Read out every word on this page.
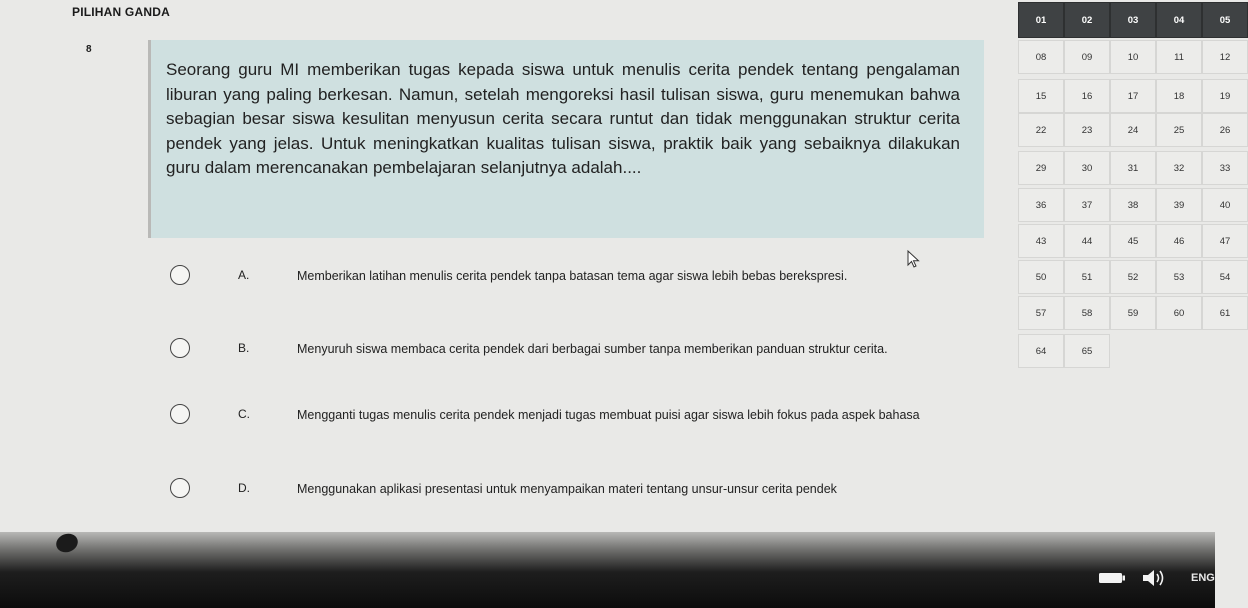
PILIHAN GANDA
8
Seorang guru MI memberikan tugas kepada siswa untuk menulis cerita pendek tentang pengalaman liburan yang paling berkesan. Namun, setelah mengoreksi hasil tulisan siswa, guru menemukan bahwa sebagian besar siswa kesulitan menyusun cerita secara runtut dan tidak menggunakan struktur cerita pendek yang jelas. Untuk meningkatkan kualitas tulisan siswa, praktik baik yang sebaiknya dilakukan guru dalam merencanakan pembelajaran selanjutnya adalah....
A.	Memberikan latihan menulis cerita pendek tanpa batasan tema agar siswa lebih bebas berekspresi.
B.	Menyuruh siswa membaca cerita pendek dari berbagai sumber tanpa memberikan panduan struktur cerita.
C.	Mengganti tugas menulis cerita pendek menjadi tugas membuat puisi agar siswa lebih fokus pada aspek bahasa
D.	Menggunakan aplikasi presentasi untuk menyampaikan materi tentang unsur-unsur cerita pendek
01	02	03	04	05
08	09	10	11	12
15	16	17	18	19
22	23	24	25	26
29	30	31	32	33
36	37	38	39	40
43	44	45	46	47
50	51	52	53	54
57	58	59	60	61
64	65
ENG
